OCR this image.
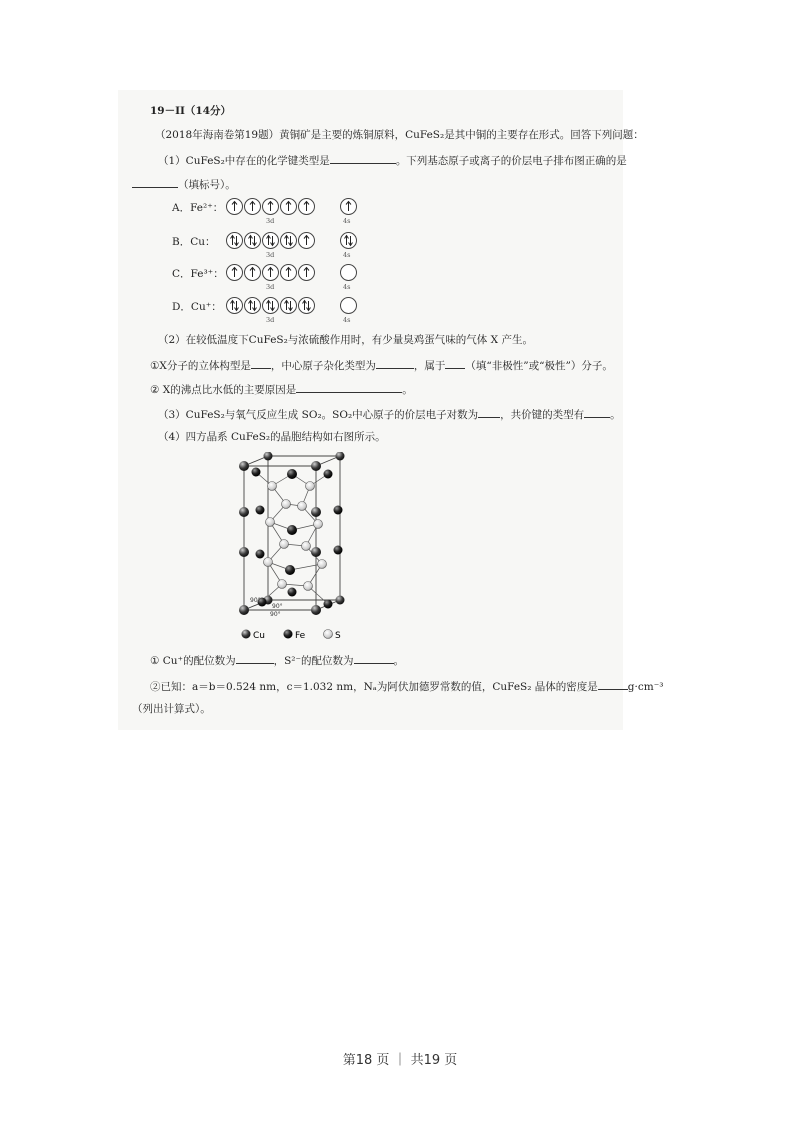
19－II（14分）
（2018年海南卷第19题）黄铜矿是主要的炼铜原料，CuFeS₂是其中铜的主要存在形式。回答下列问题：
（1）CuFeS₂中存在的化学键类型是	。下列基态原子或离子的价层电子排布图正确的是
（填标号）。
A．Fe²⁺：
3d	4s
B．Cu：
3d	4s
C．Fe³⁺：
3d	4s
D．Cu⁺：
3d	4s
（2）在较低温度下CuFeS₂与浓硫酸作用时，有少量臭鸡蛋气味的气体 X 产生。
①X分子的立体构型是 ，中心原子杂化类型为	，属于 （填“非极性”或“极性”）分子。
② X的沸点比水低的主要原因是	。
（3）CuFeS₂与氧气反应生成 SO₂。SO₂中心原子的价层电子对数为 ，共价键的类型有 。
（4）四方晶系 CuFeS₂的晶胞结构如右图所示。
90°
90°
90°
Cu	Fe	S
① Cu⁺的配位数为	，S²⁻的配位数为	。
②已知：a＝b＝0.524 nm，c＝1.032 nm，Nₐ为阿伏加德罗常数的值，CuFeS₂ 晶体的密度是	g·cm⁻³
（列出计算式）。
第18 页 ｜ 共19 页
